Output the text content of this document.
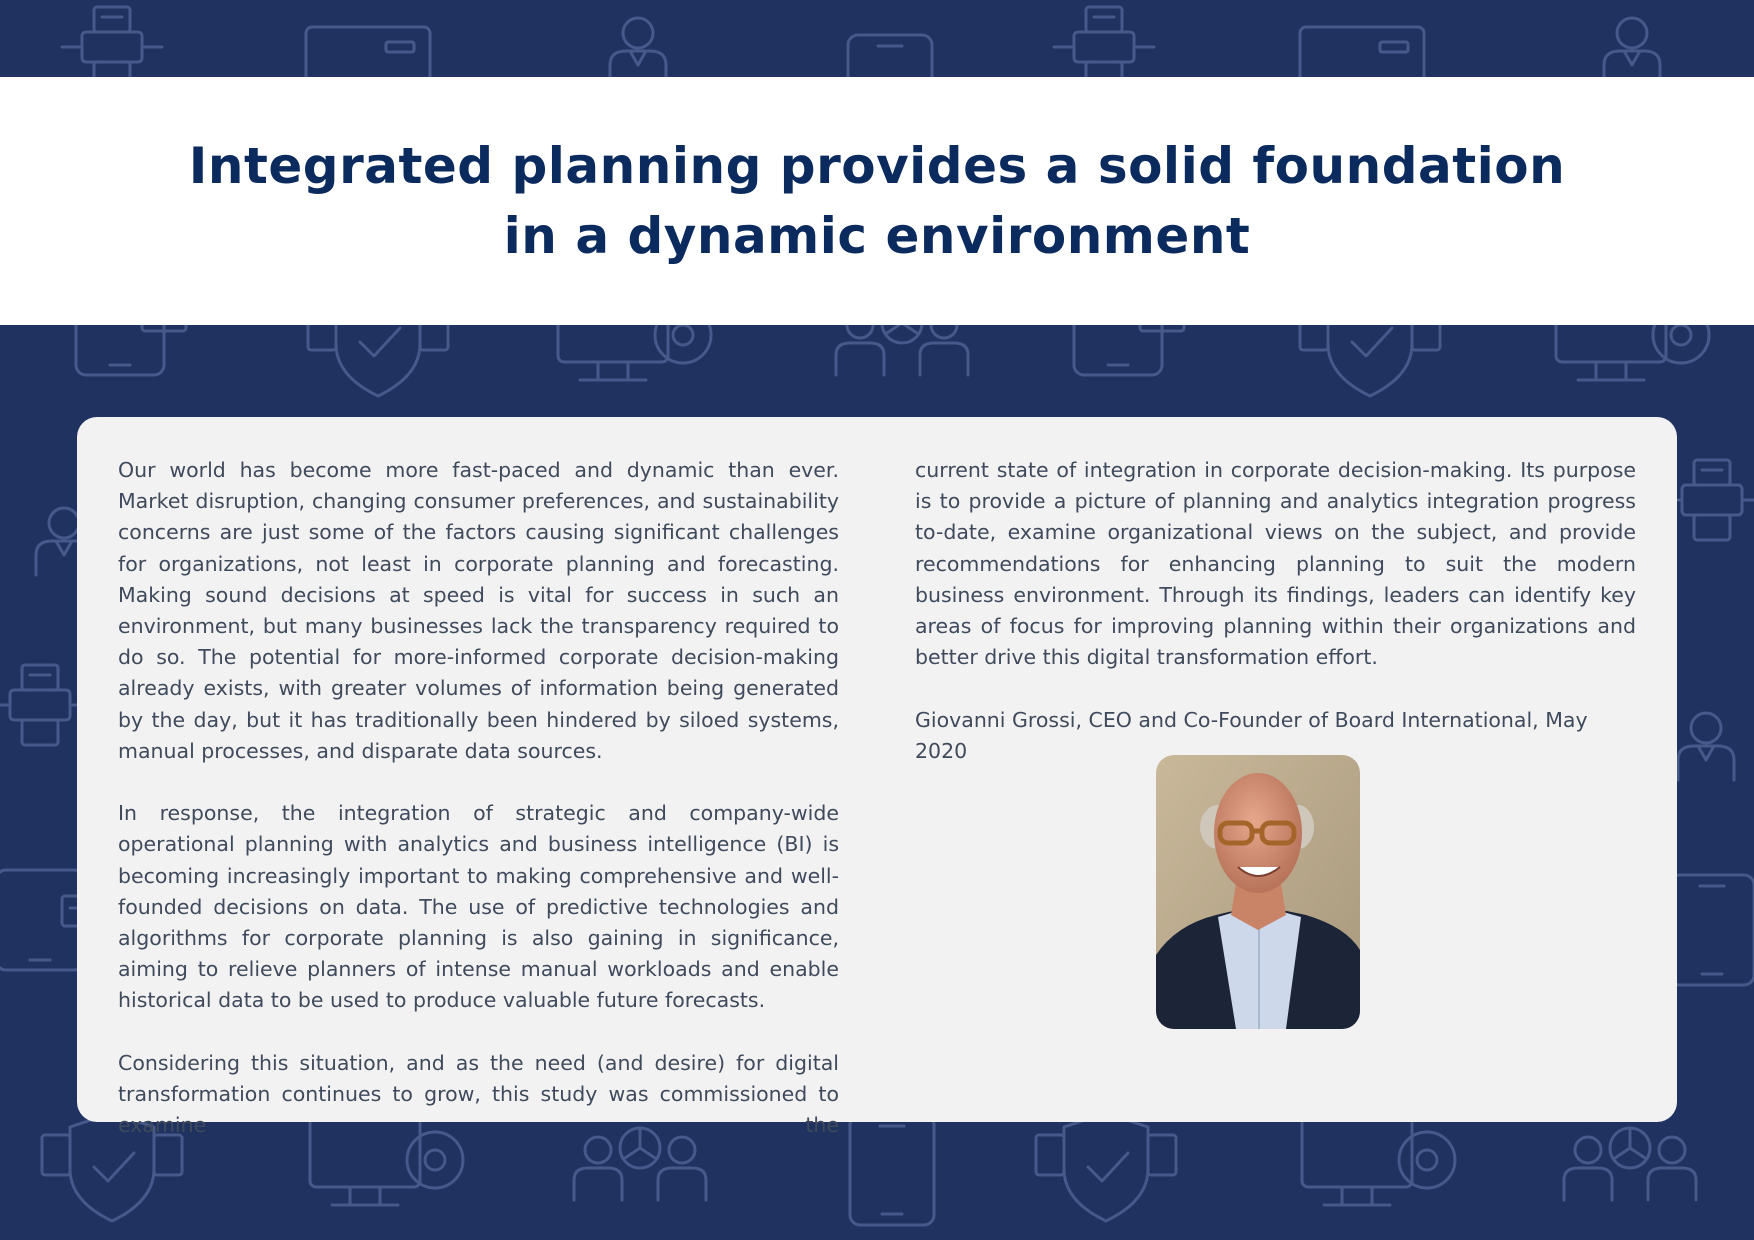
Integrated planning provides a solid foundation
in a dynamic environment

Our world has become more fast-paced and dynamic than ever. Market disruption, changing consumer preferences, and sustainability concerns are just some of the factors causing significant challenges for organizations, not least in corporate planning and forecasting. Making sound decisions at speed is vital for success in such an environment, but many businesses lack the transparency required to do so. The potential for more-informed corporate decision-making already exists, with greater volumes of information being generated by the day, but it has traditionally been hindered by siloed systems, manual processes, and disparate data sources.

In response, the integration of strategic and company-wide operational planning with analytics and business intelligence (BI) is becoming increasingly important to making comprehensive and well-founded decisions on data. The use of predictive technologies and algorithms for corporate planning is also gaining in significance, aiming to relieve planners of intense manual workloads and enable historical data to be used to produce valuable future forecasts.

Considering this situation, and as the need (and desire) for digital transformation continues to grow, this study was commissioned to examine the

current state of integration in corporate decision-making. Its purpose is to provide a picture of planning and analytics integration progress to-date, examine organizational views on the subject, and provide recommendations for enhancing planning to suit the modern business environment. Through its findings, leaders can identify key areas of focus for improving planning within their organizations and better drive this digital transformation effort.

Giovanni Grossi, CEO and Co-Founder of Board International, May 2020
